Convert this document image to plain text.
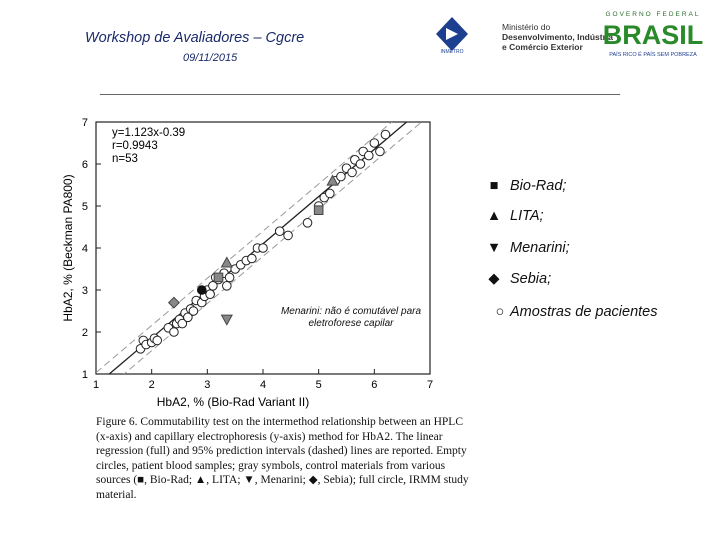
Workshop de Avaliadores – Cgcre
09/11/2015	INMETRO
Ministério do
Desenvolvimento, Indústria
e Comércio Exterior
GOVERNO FEDERAL
BRASIL
PAÍS RICO É PAÍS SEM POBREZA
1	2	3	4	5	6	7
1
2
3
4
5
6
7
HbA2, % (Bio-Rad Variant II)
HbA2, % (Beckman PA800)
y=1.123x-0.39
r=0.9943
n=53
Menarini: não é comutável para eletroforese capilar
■ Bio-Rad;
▲ LITA;
▼ Menarini;
◆ Sebia;
○ Amostras de pacientes
Figure 6. Commutability test on the intermethod relationship between an HPLC (x-axis) and capillary electrophoresis (y-axis) method for HbA2. The linear regression (full) and 95% prediction intervals (dashed) lines are reported. Empty circles, patient blood samples; gray symbols, control materials from various sources (■, Bio-Rad; ▲, LITA; ▼, Menarini; ◆, Sebia); full circle, IRMM study material.
